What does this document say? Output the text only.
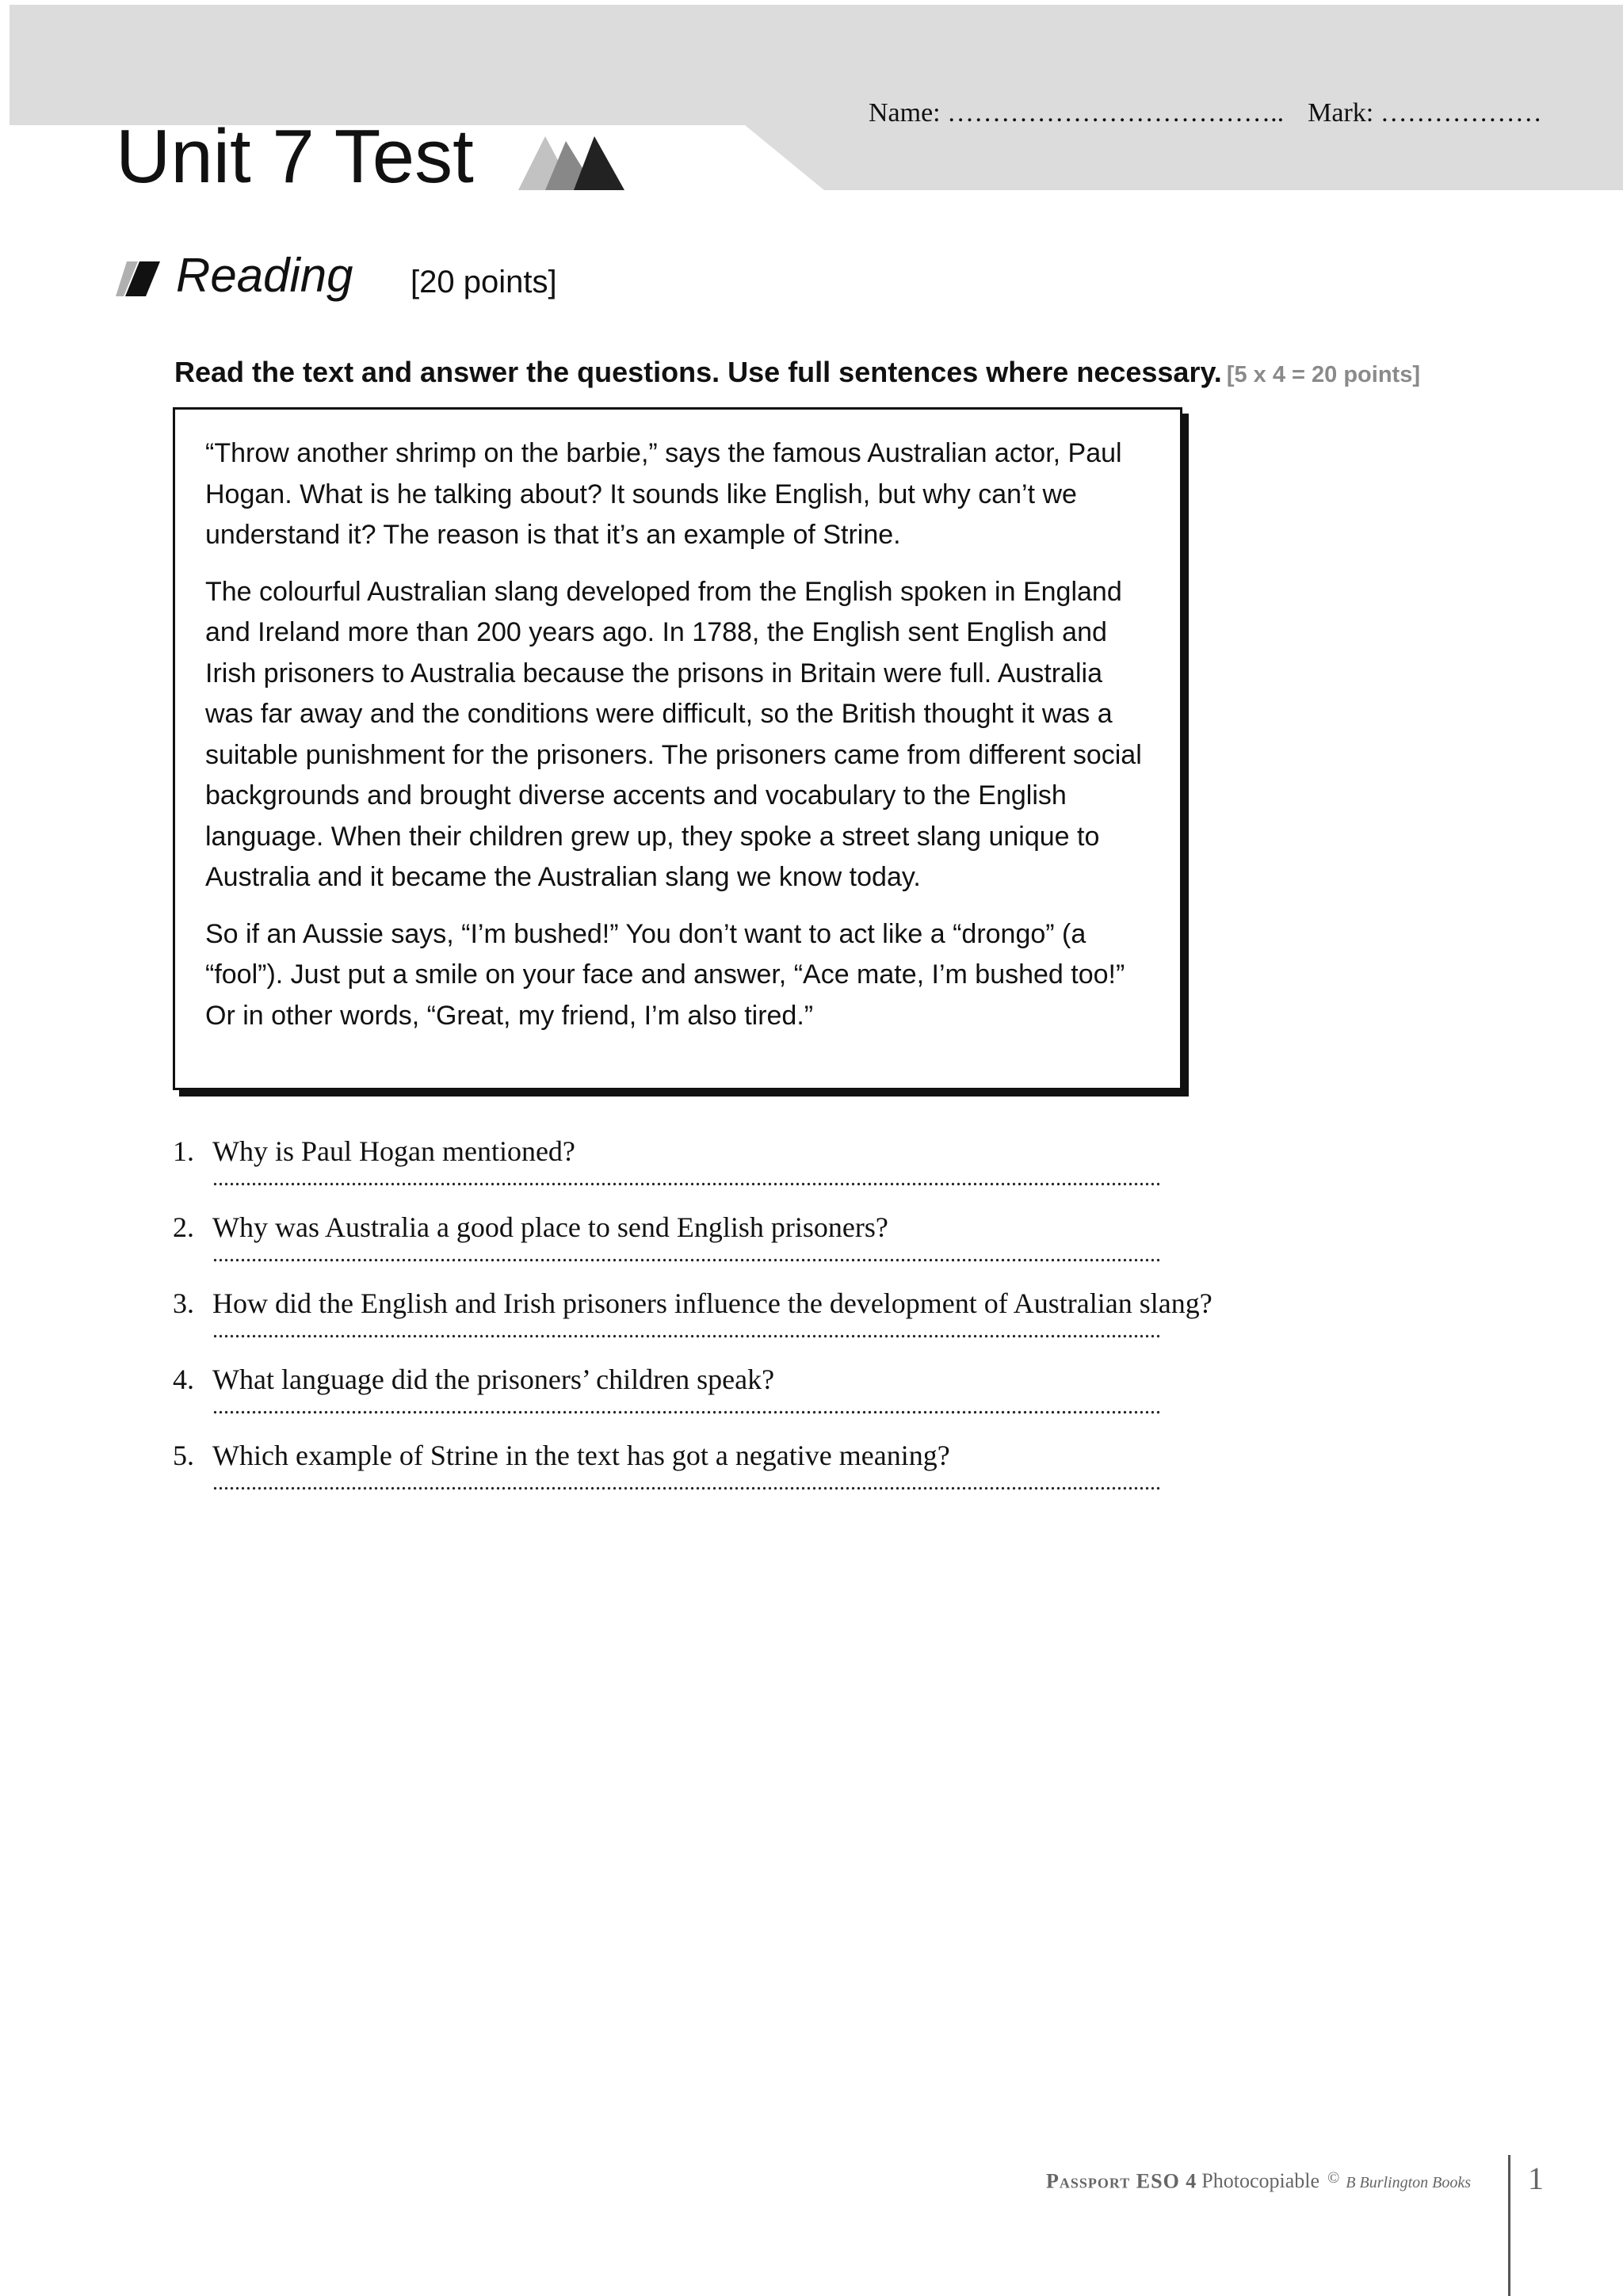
Name: ……………………………….. Mark: ………………
Unit 7 Test
Reading [20 points]
Read the text and answer the questions. Use full sentences where necessary. [5 x 4 = 20 points]

“Throw another shrimp on the barbie,” says the famous Australian actor, Paul Hogan. What is he talking about? It sounds like English, but why can’t we understand it? The reason is that it’s an example of Strine.

The colourful Australian slang developed from the English spoken in England and Ireland more than 200 years ago. In 1788, the English sent English and Irish prisoners to Australia because the prisons in Britain were full. Australia was far away and the conditions were difficult, so the British thought it was a suitable punishment for the prisoners. The prisoners came from different social backgrounds and brought diverse accents and vocabulary to the English language. When their children grew up, they spoke a street slang unique to Australia and it became the Australian slang we know today.

So if an Aussie says, “I’m bushed!” You don’t want to act like a “drongo” (a “fool”). Just put a smile on your face and answer, “Ace mate, I’m bushed too!” Or in other words, “Great, my friend, I’m also tired.”

1. Why is Paul Hogan mentioned?
...........................................................................................................................................................................
2. Why was Australia a good place to send English prisoners?
...........................................................................................................................................................................
3. How did the English and Irish prisoners influence the development of Australian slang?
...........................................................................................................................................................................
4. What language did the prisoners’ children speak?
...........................................................................................................................................................................
5. Which example of Strine in the text has got a negative meaning?
...........................................................................................................................................................................
Passport ESO 4 Photocopiable © B Burlington Books 1
